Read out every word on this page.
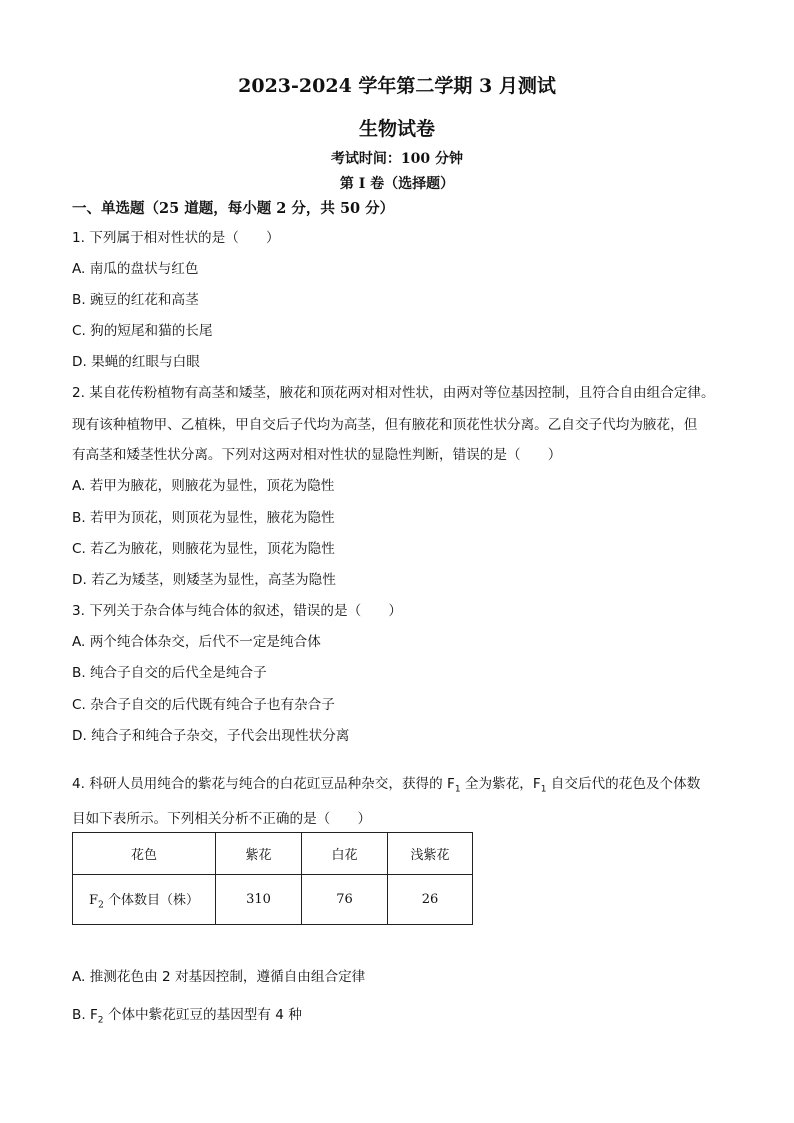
2023-2024 学年第二学期 3 月测试
生物试卷
考试时间：100 分钟
第 I 卷（选择题）
一、单选题（25 道题，每小题 2 分，共 50 分）
1. 下列属于相对性状的是（　　）
A. 南瓜的盘状与红色
B. 豌豆的红花和高茎
C. 狗的短尾和猫的长尾
D. 果蝇的红眼与白眼
2. 某自花传粉植物有高茎和矮茎，腋花和顶花两对相对性状，由两对等位基因控制，且符合自由组合定律。
现有该种植物甲、乙植株，甲自交后子代均为高茎，但有腋花和顶花性状分离。乙自交子代均为腋花，但
有高茎和矮茎性状分离。下列对这两对相对性状的显隐性判断，错误的是（　　）
A. 若甲为腋花，则腋花为显性，顶花为隐性
B. 若甲为顶花，则顶花为显性，腋花为隐性
C. 若乙为腋花，则腋花为显性，顶花为隐性
D. 若乙为矮茎，则矮茎为显性，高茎为隐性
3. 下列关于杂合体与纯合体的叙述，错误的是（　　）
A. 两个纯合体杂交，后代不一定是纯合体
B. 纯合子自交的后代全是纯合子
C. 杂合子自交的后代既有纯合子也有杂合子
D. 纯合子和纯合子杂交，子代会出现性状分离
4. 科研人员用纯合的紫花与纯合的白花豇豆品种杂交，获得的 $F_1$ 全为紫花，$F_1$ 自交后代的花色及个体数
目如下表所示。下列相关分析不正确的是（　　）
花色	紫花	白花	浅紫花
$F_2$ 个体数目（株）	310	76	26
A. 推测花色由 2 对基因控制，遵循自由组合定律
B. $F_2$ 个体中紫花豇豆的基因型有 4 种
